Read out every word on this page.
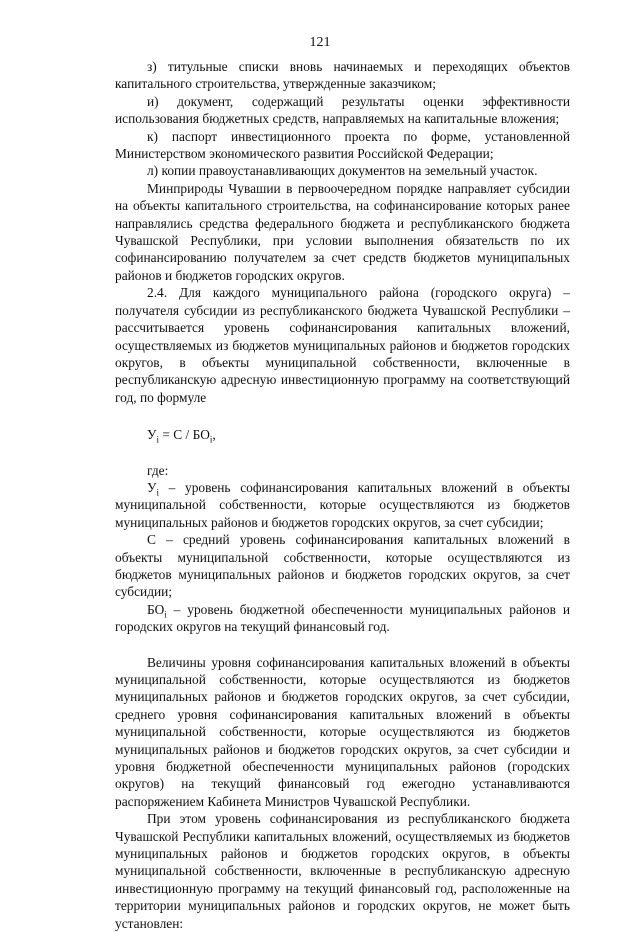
121

з) титульные списки вновь начинаемых и переходящих объектов капитального строительства, утвержденные заказчиком;

и) документ, содержащий результаты оценки эффективности использования бюджетных средств, направляемых на капитальные вложения;

к) паспорт инвестиционного проекта по форме, установленной Министерством экономического развития Российской Федерации;

л) копии правоустанавливающих документов на земельный участок.

Минприроды Чувашии в первоочередном порядке направляет субсидии на объекты капитального строительства, на софинансирование которых ранее направлялись средства федерального бюджета и республиканского бюджета Чувашской Республики, при условии выполнения обязательств по их софинансированию получателем за счет средств бюджетов муниципальных районов и бюджетов городских округов.

2.4. Для каждого муниципального района (городского округа) – получателя субсидии из республиканского бюджета Чувашской Республики – рассчитывается уровень софинансирования капитальных вложений, осуществляемых из бюджетов муниципальных районов и бюджетов городских округов, в объекты муниципальной собственности, включенные в республиканскую адресную инвестиционную программу на соответствующий год, по формуле

$У_i = С / БО_i$,

где:

$У_i$ – уровень софинансирования капитальных вложений в объекты муниципальной собственности, которые осуществляются из бюджетов муниципальных районов и бюджетов городских округов, за счет субсидии;

С – средний уровень софинансирования капитальных вложений в объекты муниципальной собственности, которые осуществляются из бюджетов муниципальных районов и бюджетов городских округов, за счет субсидии;

$БО_i$ – уровень бюджетной обеспеченности муниципальных районов и городских округов на текущий финансовый год.

Величины уровня софинансирования капитальных вложений в объекты муниципальной собственности, которые осуществляются из бюджетов муниципальных районов и бюджетов городских округов, за счет субсидии, среднего уровня софинансирования капитальных вложений в объекты муниципальной собственности, которые осуществляются из бюджетов муниципальных районов и бюджетов городских округов, за счет субсидии и уровня бюджетной обеспеченности муниципальных районов (городских округов) на текущий финансовый год ежегодно устанавливаются распоряжением Кабинета Министров Чувашской Республики.

При этом уровень софинансирования из республиканского бюджета Чувашской Республики капитальных вложений, осуществляемых из бюджетов муниципальных районов и бюджетов городских округов, в объекты муниципальной собственности, включенные в республиканскую адресную инвестиционную программу на текущий финансовый год, расположенные на территории муниципальных районов и городских округов, не может быть установлен:
